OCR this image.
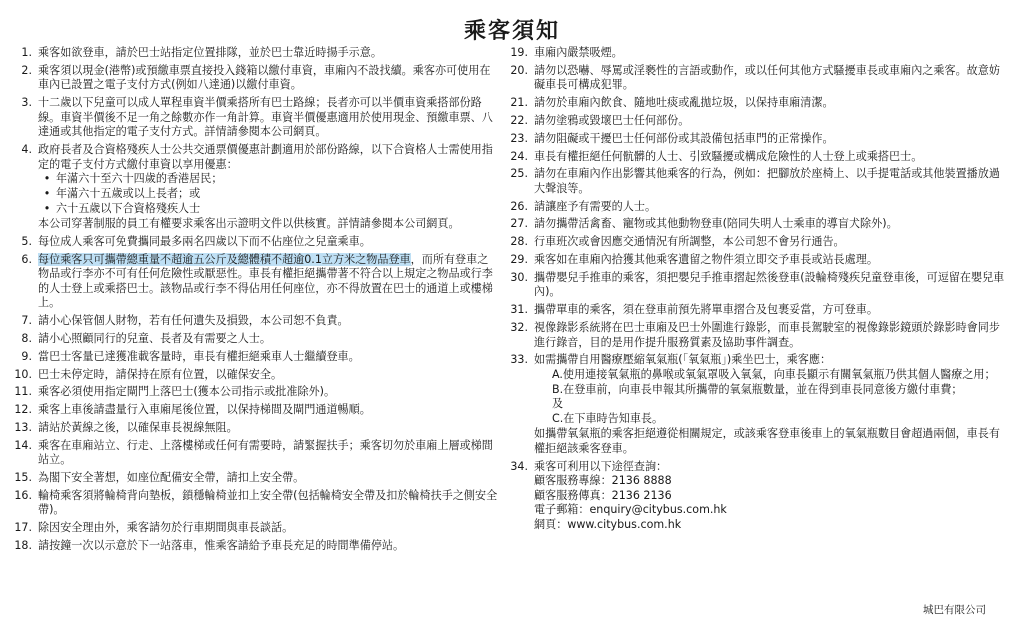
乘客須知
1. 乘客如欲登車，請於巴士站指定位置排隊，並於巴士靠近時揚手示意。
2. 乘客須以現金(港幣)或預繳車票直接投入錢箱以繳付車資，車廂內不設找續。乘客亦可使用在車內已設置之電子支付方式(例如八達通)以繳付車資。
3. 十二歲以下兒童可以成人單程車資半價乘搭所有巴士路線；長者亦可以半價車資乘搭部份路線。車資半價後不足一角之餘數亦作一角計算。車資半價優惠適用於使用現金、預繳車票、八達通或其他指定的電子支付方式。詳情請參閱本公司網頁。
4. 政府長者及合資格殘疾人士公共交通票價優惠計劃適用於部份路線，以下合資格人士需使用指定的電子支付方式繳付車資以享用優惠：
• 年滿六十至六十四歲的香港居民；
• 年滿六十五歲或以上長者；或
• 六十五歲以下合資格殘疾人士
本公司穿著制服的員工有權要求乘客出示證明文件以供核實。詳情請參閱本公司網頁。
5. 每位成人乘客可免費攜同最多兩名四歲以下而不佔座位之兒童乘車。
6. 每位乘客只可攜帶總重量不超逾五公斤及總體積不超逾0.1立方米之物品登車，而所有登車之物品或行李亦不可有任何危險性或厭惡性。車長有權拒絕攜帶著不符合以上規定之物品或行李的人士登上或乘搭巴士。該物品或行李不得佔用任何座位，亦不得放置在巴士的通道上或樓梯上。
7. 請小心保管個人財物，若有任何遺失及損毀，本公司恕不負責。
8. 請小心照顧同行的兒童、長者及有需要之人士。
9. 當巴士客量已達獲准載客量時，車長有權拒絕乘車人士繼續登車。
10. 巴士未停定時，請保持在原有位置，以確保安全。
11. 乘客必須使用指定閘門上落巴士(獲本公司指示或批准除外)。
12. 乘客上車後請盡量行入車廂尾後位置，以保持梯間及閘門通道暢順。
13. 請站於黃線之後，以確保車長視線無阻。
14. 乘客在車廂站立、行走、上落樓梯或任何有需要時，請緊握扶手；乘客切勿於車廂上層或梯間站立。
15. 為閣下安全著想，如座位配備安全帶，請扣上安全帶。
16. 輪椅乘客須將輪椅背向墊板，鎖穩輪椅並扣上安全帶(包括輪椅安全帶及扣於輪椅扶手之側安全帶)。
17. 除因安全理由外，乘客請勿於行車期間與車長談話。
18. 請按鐘一次以示意於下一站落車，惟乘客請給予車長充足的時間準備停站。
19. 車廂內嚴禁吸煙。
20. 請勿以恐嚇、辱罵或淫褻性的言語或動作，或以任何其他方式騷擾車長或車廂內之乘客。故意妨礙車長可構成犯罪。
21. 請勿於車廂內飲食、隨地吐痰或亂拋垃圾，以保持車廂清潔。
22. 請勿塗鴉或毀壞巴士任何部份。
23. 請勿阻礙或干擾巴士任何部份或其設備包括車門的正常操作。
24. 車長有權拒絕任何骯髒的人士、引致騷擾或構成危險性的人士登上或乘搭巴士。
25. 請勿在車廂內作出影響其他乘客的行為，例如：把腳放於座椅上、以手提電話或其他裝置播放過大聲浪等。
26. 請讓座予有需要的人士。
27. 請勿攜帶活禽畜、寵物或其他動物登車(陪同失明人士乘車的導盲犬除外)。
28. 行車班次或會因應交通情況有所調整，本公司恕不會另行通告。
29. 乘客如在車廂內拾獲其他乘客遺留之物件須立即交予車長或站長處理。
30. 攜帶嬰兒手推車的乘客，須把嬰兒手推車摺起然後登車(設輪椅殘疾兒童登車後，可逗留在嬰兒車內)。
31. 攜帶單車的乘客，須在登車前預先將單車摺合及包裹妥當，方可登車。
32. 視像錄影系統將在巴士車廂及巴士外圍進行錄影，而車長駕駛室的視像錄影鏡頭於錄影時會同步進行錄音，目的是用作提升服務質素及協助事件調查。
33. 如需攜帶自用醫療壓縮氧氣瓶(「氧氣瓶」)乘坐巴士，乘客應：
A.使用連接氧氣瓶的鼻喉或氧氣罩吸入氧氣，向車長顯示有關氧氣瓶乃供其個人醫療之用；
B.在登車前，向車長申報其所攜帶的氧氣瓶數量，並在得到車長同意後方繳付車費；
及
C.在下車時告知車長。
如攜帶氧氣瓶的乘客拒絕遵從相關規定，或該乘客登車後車上的氧氣瓶數目會超過兩個，車長有權拒絕該乘客登車。
34. 乘客可利用以下途徑查詢：
顧客服務專線：2136 8888
顧客服務傳真：2136 2136
電子郵箱：enquiry@citybus.com.hk
網頁：www.citybus.com.hk
城巴有限公司
